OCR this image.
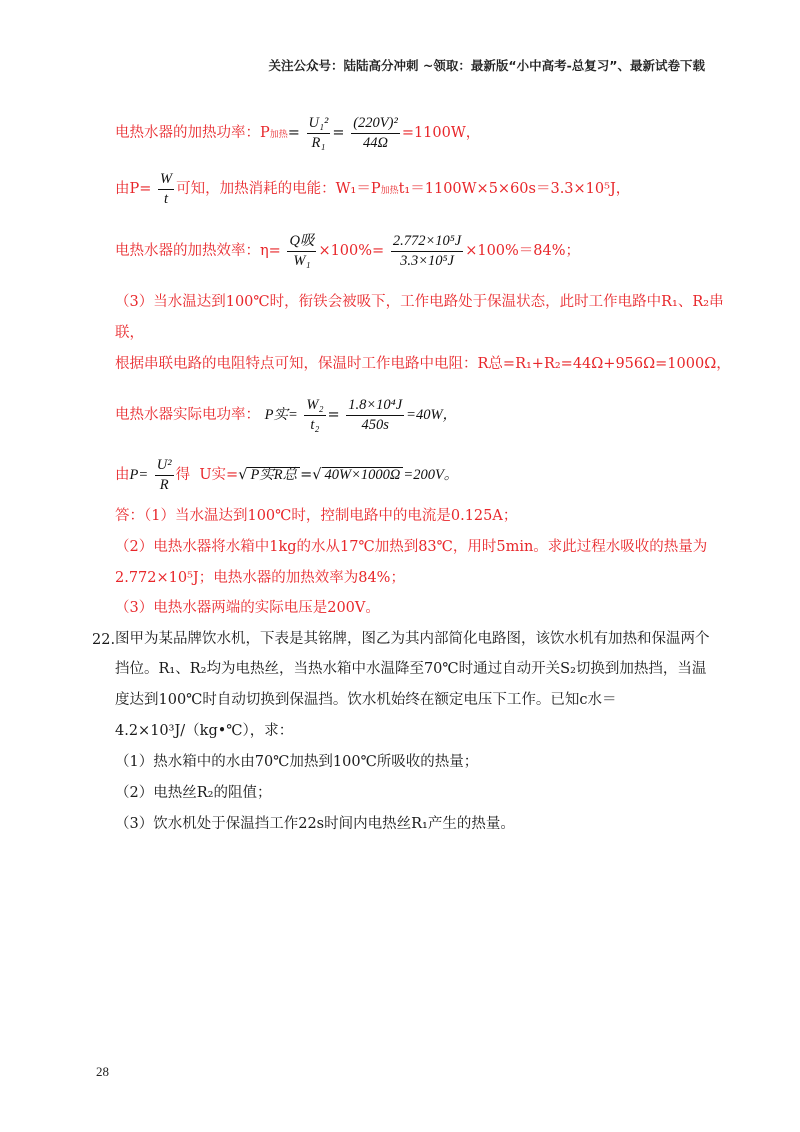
关注公众号：陆陆高分冲刺 ~领取：最新版“小中高考-总复习”、最新试卷下载
电热水器的加热功率：P加热= $\frac{\text{U₁²}}{\text{R₁}} = \frac{\text{(220V)²}}{44\Omega} =1100W$，
由$P= \frac{W}{t}$ 可知，加热消耗的电能：W₁＝P加热t₁＝1100W×5×60s＝3.3×10⁵J，
电热水器的加热效率：$\eta= \frac{\text{Q吸}}{\text{W₁}} \times 100\%= \frac{\text{2.772×10⁵J}}{\text{3.3×10⁵J}} \times 100\%=84\%$；
（3）当水温达到100℃时，衔铁会被吸下，工作电路处于保温状态，此时工作电路中R₁、R₂串
联，
根据串联电路的电阻特点可知，保温时工作电路中电阻：R总=R₁+R₂=44Ω+956Ω=1000Ω，
电热水器实际电功率： P实= $\frac{\text{W₂}}{\text{t₂}} = \frac{\text{1.8×10⁴J}}{450s} =40W$，
由$P= \frac{\text{U²}}{R}$ 得 U实=√ P实R总 =√ 40W×1000Ω =200V。
答：（1）当水温达到100℃时，控制电路中的电流是0.125A；
（2）电热水器将水箱中1kg的水从17℃加热到83℃，用时5min。求此过程水吸收的热量为
2.772×10⁵J；电热水器的加热效率为84%；
（3）电热水器两端的实际电压是200V。
22. 图甲为某品牌饮水机，下表是其铭牌，图乙为其内部简化电路图，该饮水机有加热和保温两个
挡位。R₁、R₂均为电热丝，当热水箱中水温降至70℃时通过自动开关S₂切换到加热挡，当温
度达到100℃时自动切换到保温挡。饮水机始终在额定电压下工作。已知c水＝
4.2×10³J/（kg•℃），求：
（1）热水箱中的水由70℃加热到100℃所吸收的热量；
（2）电热丝R₂的阻值；
（3）饮水机处于保温挡工作22s时间内电热丝R₁产生的热量。
28
